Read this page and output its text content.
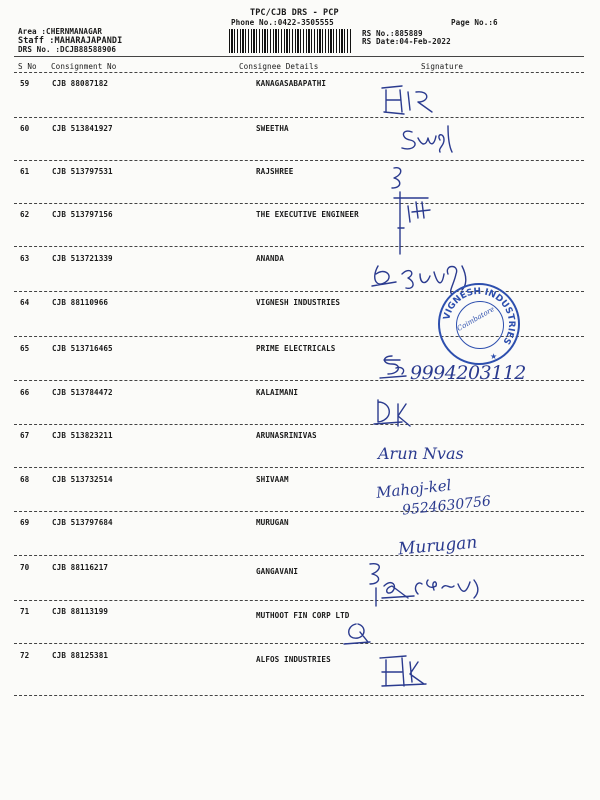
TPC/CJB DRS - PCP
Phone No.:0422-3505555	Page No.:6
Area :CHERNMANAGAR
Staff :MAHARAJAPANDI
DRS No. :DCJB88588906
RS No.:885889
RS Date:04-Feb-2022
S No Consignment No	Consignee Details	Signature
59	CJB 88087182	KANAGASABAPATHI
60	CJB 513841927	SWEETHA
61	CJB 513797531	RAJSHREE
62	CJB 513797156	THE EXECUTIVE ENGINEER
63	CJB 513721339	ANANDA
64	CJB 88110966	VIGNESH INDUSTRIES
65	CJB 513716465	PRIME ELECTRICALS
66	CJB 513784472	KALAIMANI
67	CJB 513823211	ARUNASRINIVAS
68	CJB 513732514	SHIVAAM
69	CJB 513797684	MURUGAN
70	CJB 88116217	GANGAVANI
71	CJB 88113199	MUTHOOT FIN CORP LTD
72	CJB 88125381	ALFOS INDUSTRIES
9994203112
Arun Nvas
Mahoj-kel
9524630756
Murugan
VIGNESH INDUSTRIES
★
Coimbatore
